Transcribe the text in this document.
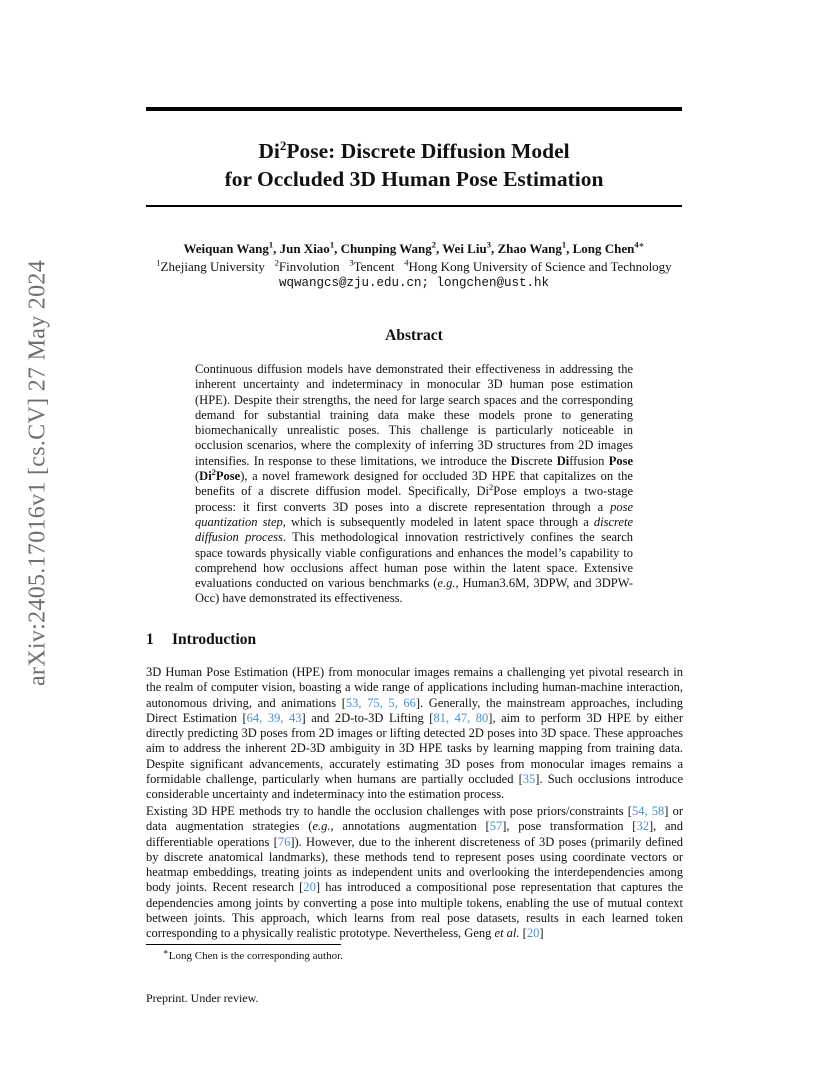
arXiv:2405.17016v1 [cs.CV] 27 May 2024
Di$^2$Pose: Discrete Diffusion Model
for Occluded 3D Human Pose Estimation
Weiquan Wang$^1$, Jun Xiao$^1$, Chunping Wang$^2$, Wei Liu$^3$, Zhao Wang$^1$, Long Chen$^{4∗}$
$^1$Zhejiang University $^2$Finvolution $^3$Tencent $^4$Hong Kong University of Science and Technology
wqwangcs@zju.edu.cn; longchen@ust.hk
Abstract
Continuous diffusion models have demonstrated their effectiveness in addressing the inherent uncertainty and indeterminacy in monocular 3D human pose estimation (HPE). Despite their strengths, the need for large search spaces and the corresponding demand for substantial training data make these models prone to generating biomechanically unrealistic poses. This challenge is particularly noticeable in occlusion scenarios, where the complexity of inferring 3D structures from 2D images intensifies. In response to these limitations, we introduce the Discrete Diffusion Pose (Di$^2$Pose), a novel framework designed for occluded 3D HPE that capitalizes on the benefits of a discrete diffusion model. Specifically, Di$^2$Pose employs a two-stage process: it first converts 3D poses into a discrete representation through a pose quantization step, which is subsequently modeled in latent space through a discrete diffusion process. This methodological innovation restrictively confines the search space towards physically viable configurations and enhances the model’s capability to comprehend how occlusions affect human pose within the latent space. Extensive evaluations conducted on various benchmarks (e.g., Human3.6M, 3DPW, and 3DPW-Occ) have demonstrated its effectiveness.
1 Introduction
3D Human Pose Estimation (HPE) from monocular images remains a challenging yet pivotal research in the realm of computer vision, boasting a wide range of applications including human-machine interaction, autonomous driving, and animations [53, 75, 5, 66]. Generally, the mainstream approaches, including Direct Estimation [64, 39, 43] and 2D-to-3D Lifting [81, 47, 80], aim to perform 3D HPE by either directly predicting 3D poses from 2D images or lifting detected 2D poses into 3D space. These approaches aim to address the inherent 2D-3D ambiguity in 3D HPE tasks by learning mapping from training data. Despite significant advancements, accurately estimating 3D poses from monocular images remains a formidable challenge, particularly when humans are partially occluded [35]. Such occlusions introduce considerable uncertainty and indeterminacy into the estimation process.
Existing 3D HPE methods try to handle the occlusion challenges with pose priors/constraints [54, 58] or data augmentation strategies (e.g., annotations augmentation [57], pose transformation [32], and differentiable operations [76]). However, due to the inherent discreteness of 3D poses (primarily defined by discrete anatomical landmarks), these methods tend to represent poses using coordinate vectors or heatmap embeddings, treating joints as independent units and overlooking the interdependencies among body joints. Recent research [20] has introduced a compositional pose representation that captures the dependencies among joints by converting a pose into multiple tokens, enabling the use of mutual context between joints. This approach, which learns from real pose datasets, results in each learned token corresponding to a physically realistic prototype. Nevertheless, Geng et al. [20]
∗Long Chen is the corresponding author.
Preprint. Under review.
